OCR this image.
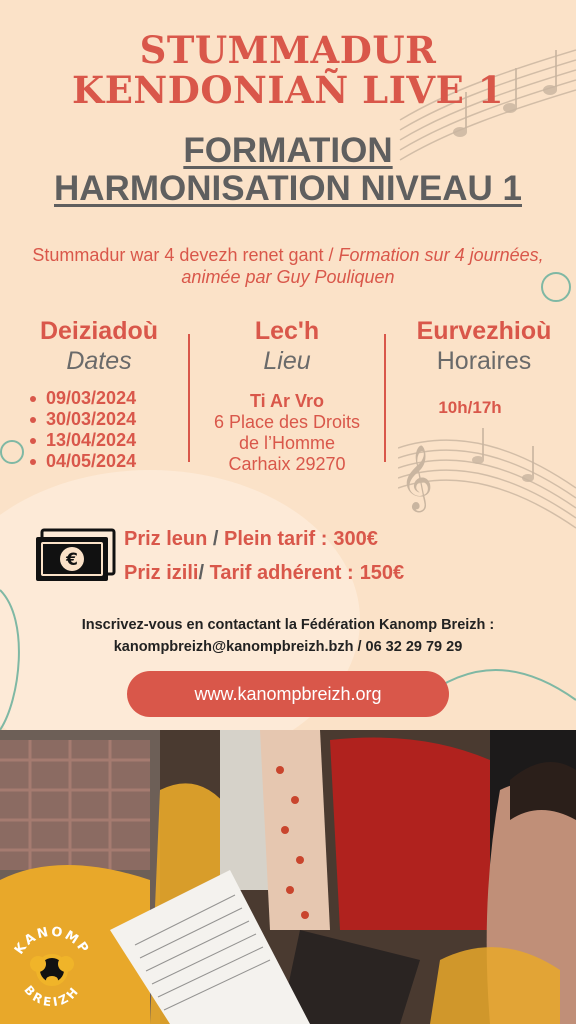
𝄞
STUMMADUR
KENDONIAÑ LIVE 1
FORMATION
HARMONISATION NIVEAU 1
Stummadur war 4 devezh renet gant / Formation sur 4 journées, animée par Guy Pouliquen
Deiziadoù
Dates
Lec'h
Lieu
Eurvezhioù
Horaires
09/03/2024
30/03/2024
13/04/2024
04/05/2024
Ti Ar Vro
6 Place des Droits
de l’Homme
Carhaix 29270
10h/17h
€
Priz leun / Plein tarif : 300€
Priz izili/ Tarif adhérent : 150€
Inscrivez-vous en contactant la Fédération Kanomp Breizh :
kanompbreizh@kanompbreizh.bzh / 06 32 29 79 29
www.kanompbreizh.org
KANOMP
BREIZH
